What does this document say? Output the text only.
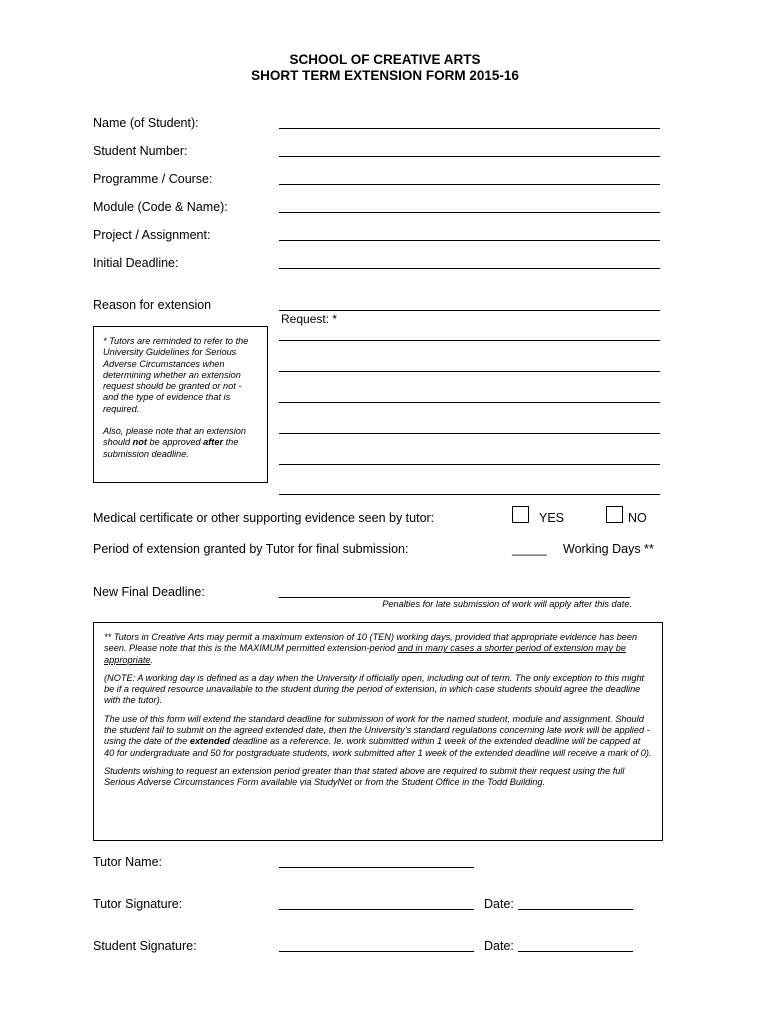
SCHOOL OF CREATIVE ARTS
SHORT TERM EXTENSION FORM 2015-16
Name (of Student):
Student Number:
Programme / Course:
Module (Code & Name):
Project / Assignment:
Initial Deadline:
Reason for extension
Request: *
* Tutors are reminded to refer to the University Guidelines for Serious Adverse Circumstances when determining whether an extension request should be granted or not - and the type of evidence that is required.
Also, please note that an extension should not be approved after the submission deadline.
Medical certificate or other supporting evidence seen by tutor:	YES	NO
Period of extension granted by Tutor for final submission:	_____ Working Days **
New Final Deadline:
Penalties for late submission of work will apply after this date.

** Tutors in Creative Arts may permit a maximum extension of 10 (TEN) working days, provided that appropriate evidence has been seen. Please note that this is the MAXIMUM permitted extension-period and in many cases a shorter period of extension may be appropriate.

(NOTE: A working day is defined as a day when the University if officially open, including out of term. The only exception to this might be if a required resource unavailable to the student during the period of extension, in which case students should agree the deadline with the tutor).

The use of this form will extend the standard deadline for submission of work for the named student, module and assignment. Should the student fail to submit on the agreed extended date, then the University's standard regulations concerning late work will be applied - using the date of the extended deadline as a reference. Ie. work submitted within 1 week of the extended deadline will be capped at 40 for undergraduate and 50 for postgraduate students, work submitted after 1 week of the extended deadline will receive a mark of 0).

Students wishing to request an extension period greater than that stated above are required to submit their request using the full Serious Adverse Circumstances Form available via StudyNet or from the Student Office in the Todd Building.

Tutor Name:
Tutor Signature:	Date:
Student Signature:	Date:
